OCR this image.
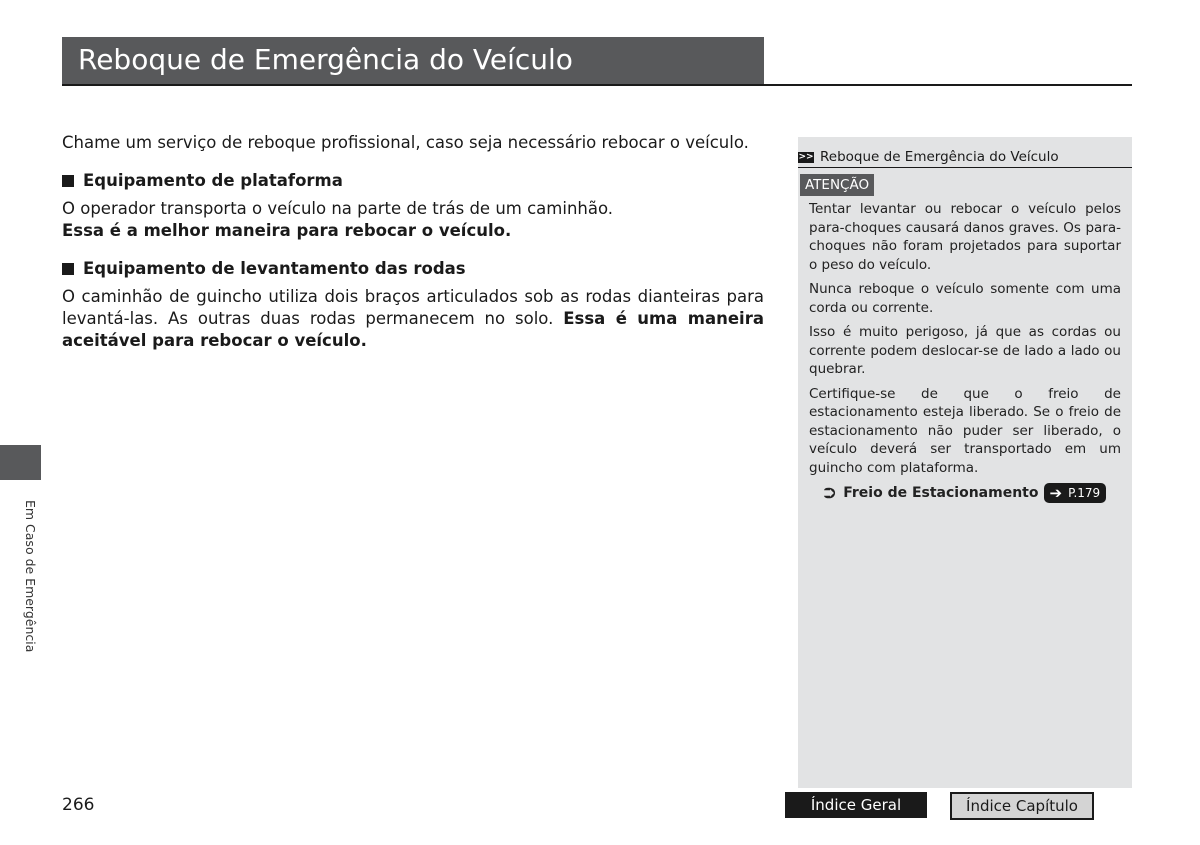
Reboque de Emergência do Veículo

Chame um serviço de reboque profissional, caso seja necessário rebocar o veículo.

Equipamento de plataforma

O operador transporta o veículo na parte de trás de um caminhão.

Essa é a melhor maneira para rebocar o veículo.

Equipamento de levantamento das rodas

O caminhão de guincho utiliza dois braços articulados sob as rodas dianteiras para levantá-las. As outras duas rodas permanecem no solo. Essa é uma maneira aceitável para rebocar o veículo.

Em Caso de Emergência
>> Reboque de Emergência do Veículo
ATENÇÃO

Tentar levantar ou rebocar o veículo pelos para-choques causará danos graves. Os para-choques não foram projetados para suportar o peso do veículo.

Nunca reboque o veículo somente com uma corda ou corrente.

Isso é muito perigoso, já que as cordas ou corrente podem deslocar-se de lado a lado ou quebrar.

Certifique-se de que o freio de estacionamento esteja liberado. Se o freio de estacionamento não puder ser liberado, o veículo deverá ser transportado em um guincho com plataforma.

⮊ Freio de Estacionamento ➔ P.179
266	Índice Geral	Índice Capítulo
